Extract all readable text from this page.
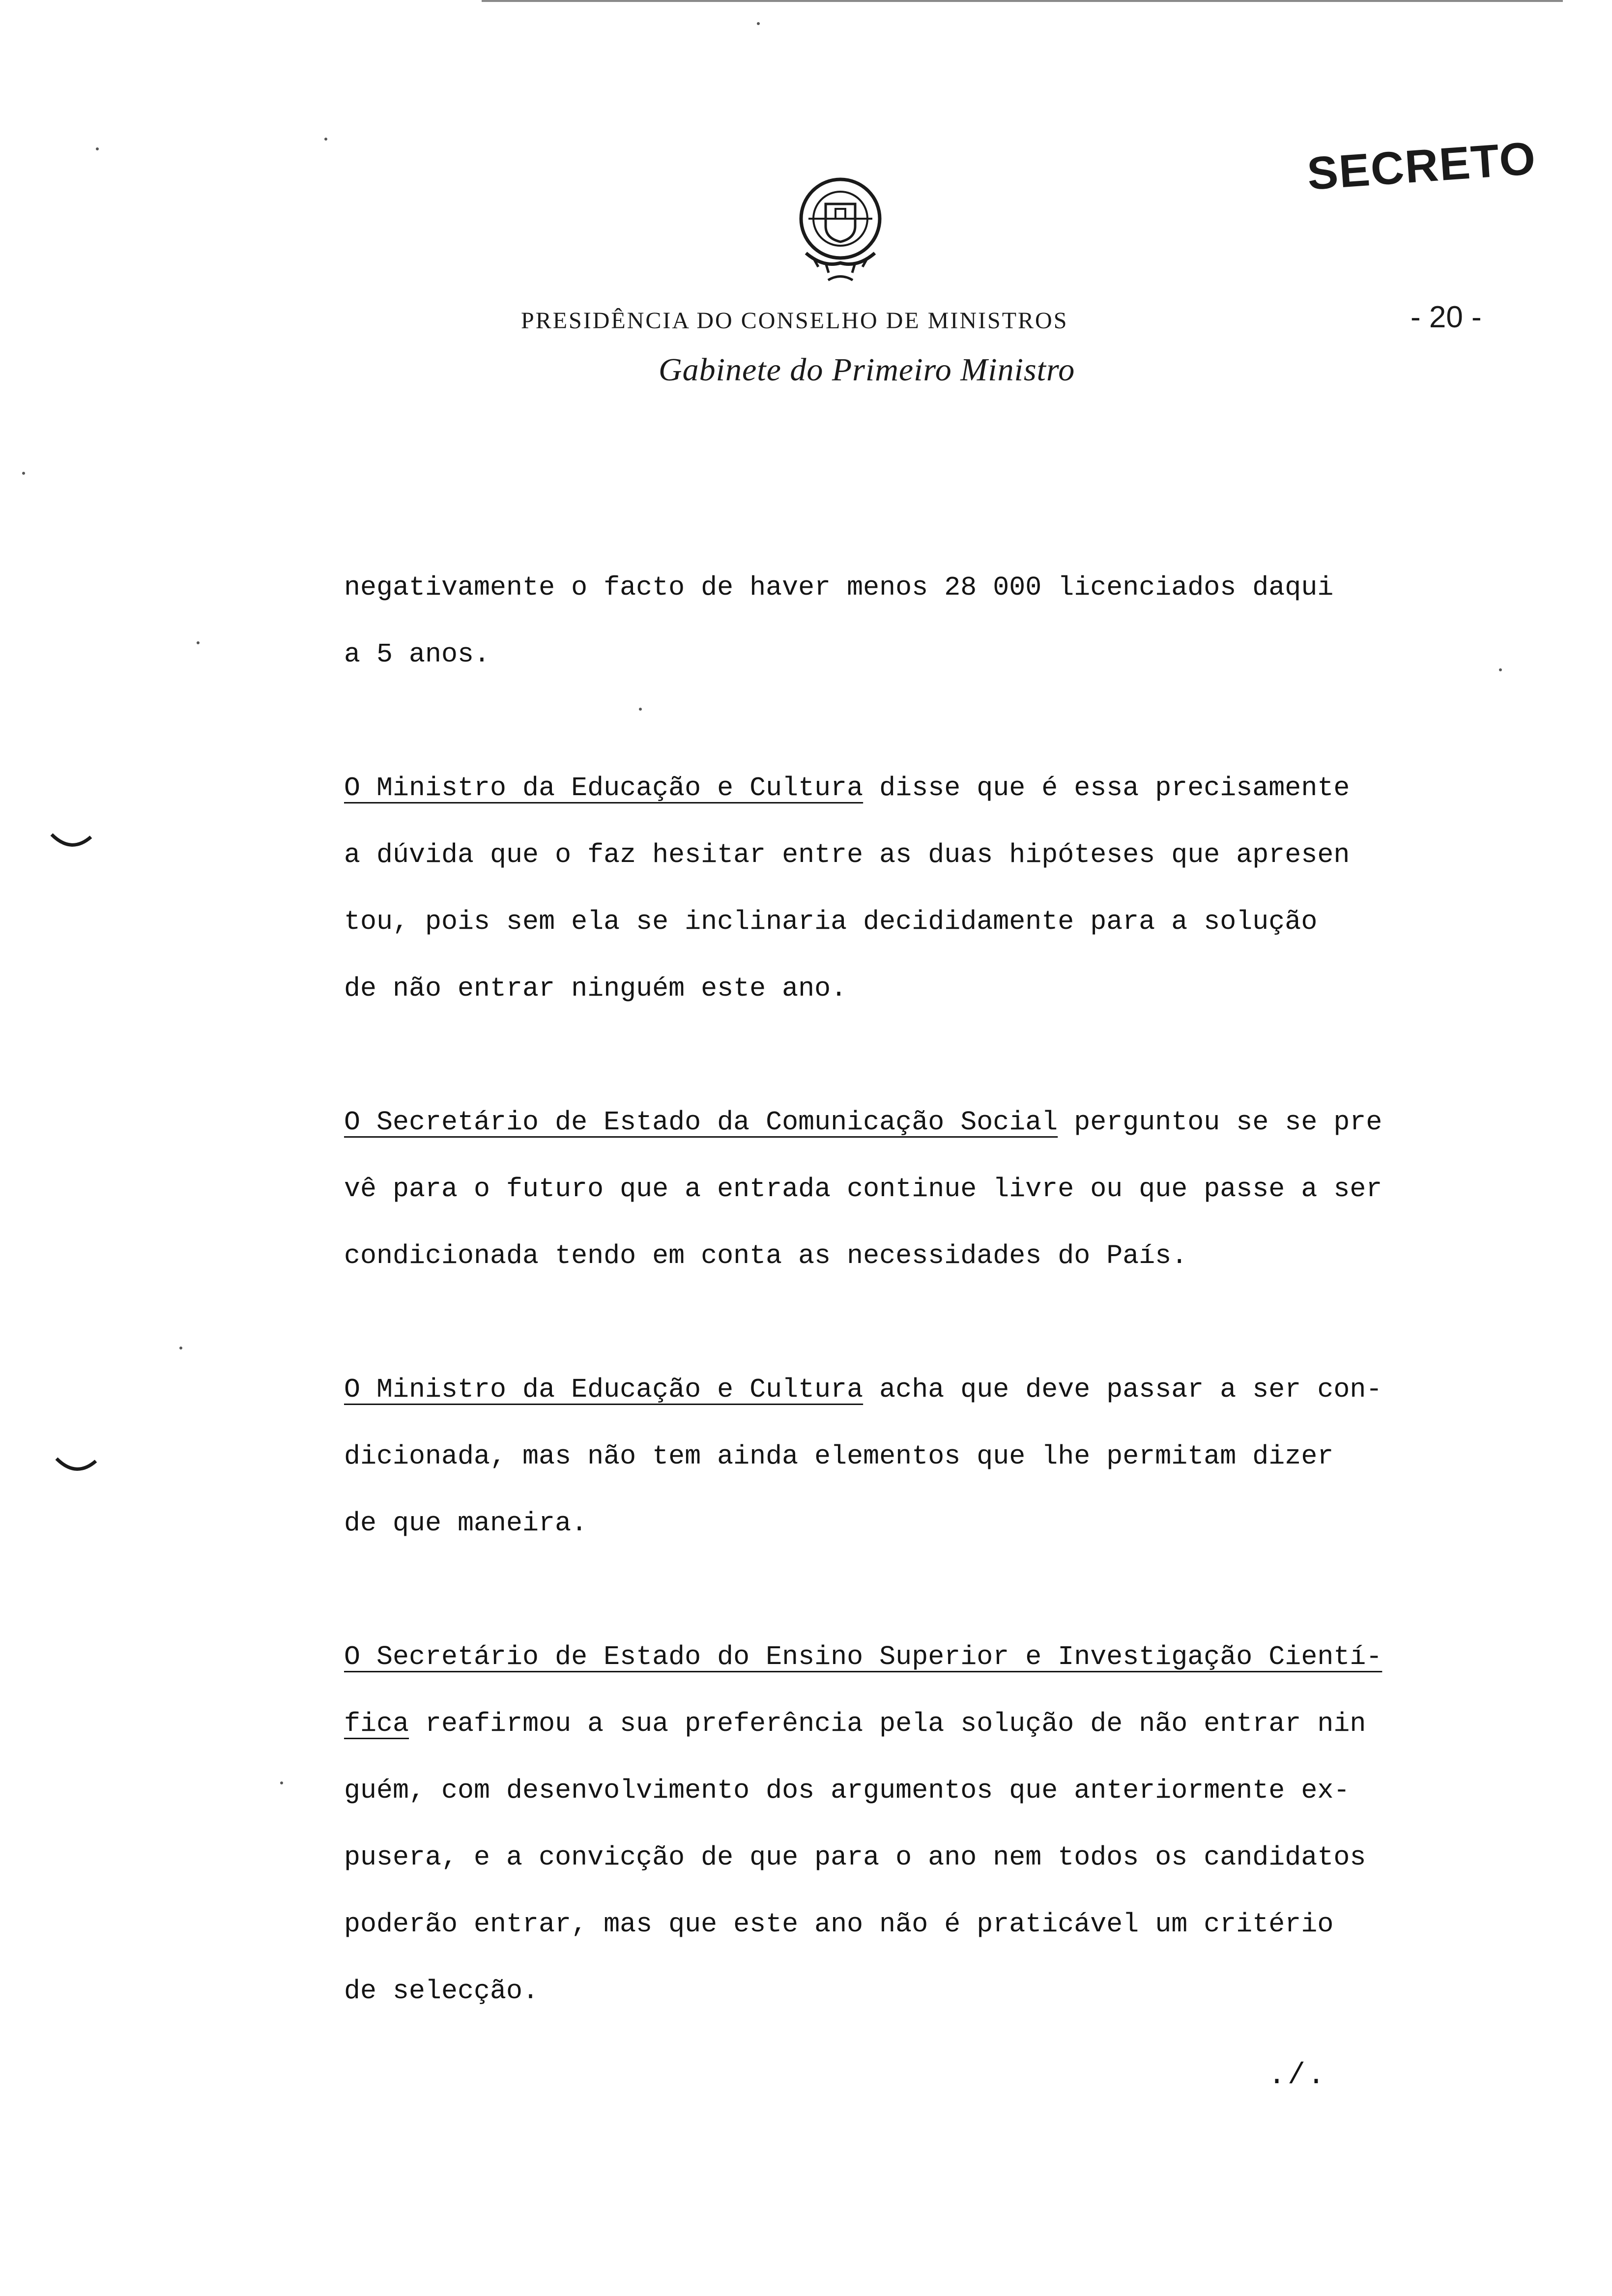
SECRETO
PRESIDÊNCIA DO CONSELHO DE MINISTROS	- 20 -
Gabinete do Primeiro Ministro
negativamente o facto de haver menos 28 000 licenciados daqui
a 5 anos.
O Ministro da Educação e Cultura disse que é essa precisamente
a dúvida que o faz hesitar entre as duas hipóteses que apresen
tou, pois sem ela se inclinaria decididamente para a solução
de não entrar ninguém este ano.
O Secretário de Estado da Comunicação Social perguntou se se pre
vê para o futuro que a entrada continue livre ou que passe a ser
condicionada tendo em conta as necessidades do País.
O Ministro da Educação e Cultura acha que deve passar a ser con-
dicionada, mas não tem ainda elementos que lhe permitam dizer
de que maneira.
O Secretário de Estado do Ensino Superior e Investigação Cientí-
fica reafirmou a sua preferência pela solução de não entrar nin
guém, com desenvolvimento dos argumentos que anteriormente ex-
pusera, e a convicção de que para o ano nem todos os candidatos
poderão entrar, mas que este ano não é praticável um critério
de selecção.
./.
